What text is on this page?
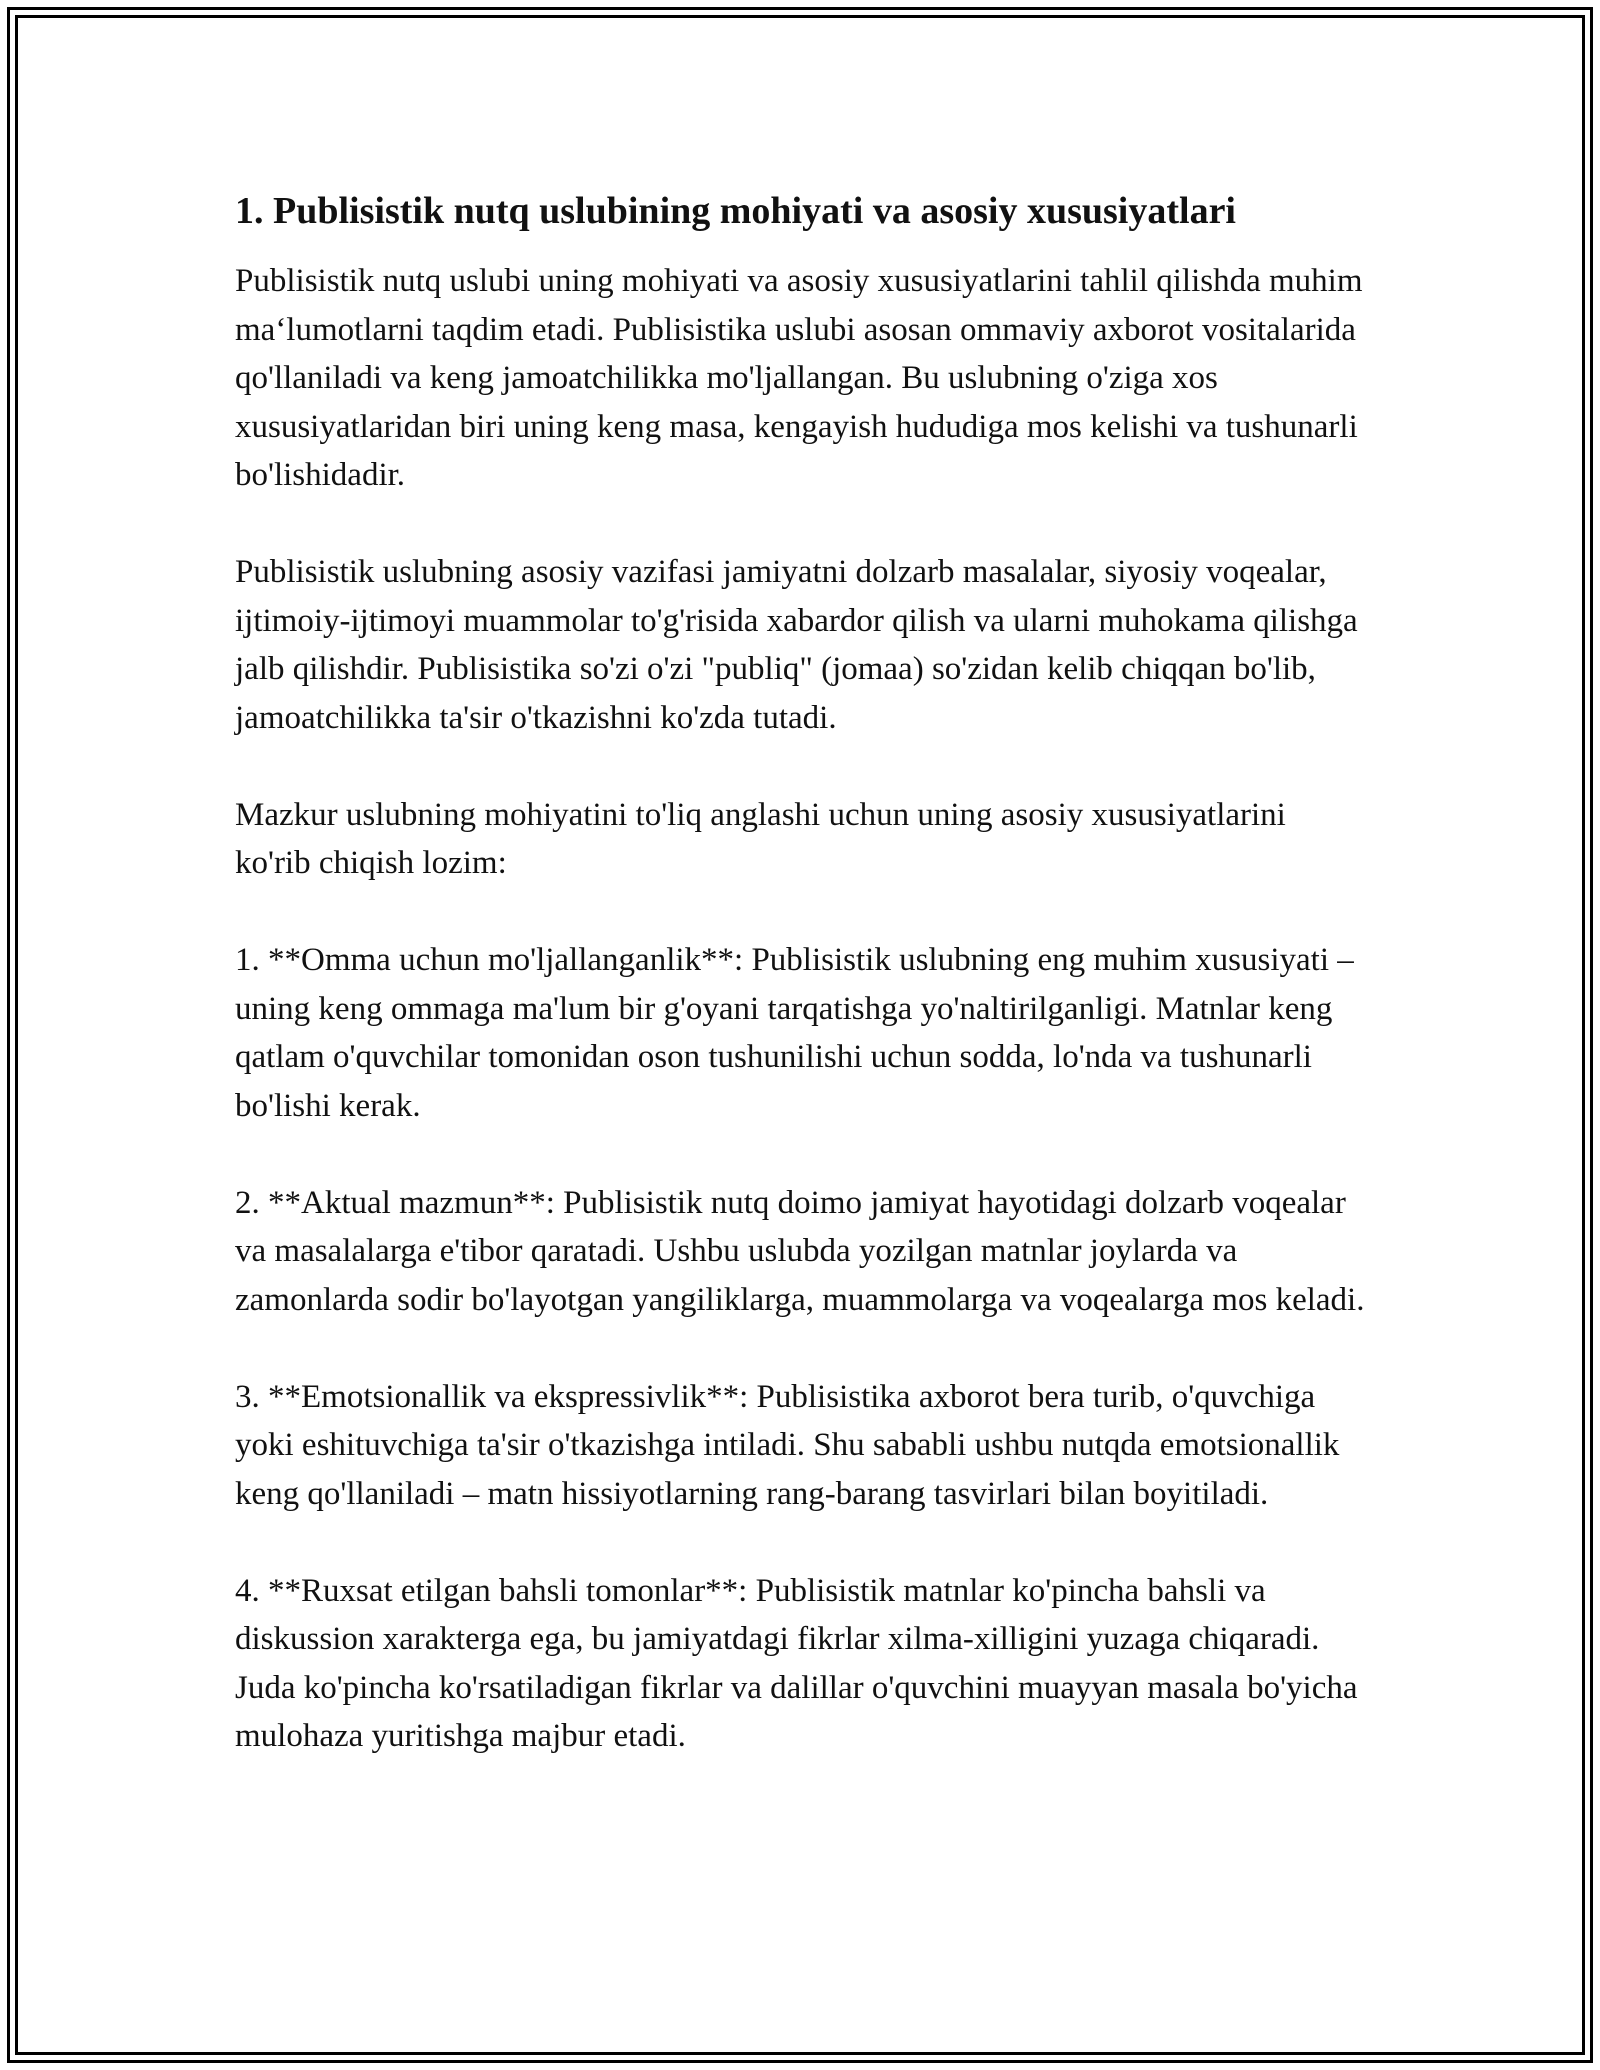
1. Publisistik nutq uslubining mohiyati va asosiy xususiyatlari

Publisistik nutq uslubi uning mohiyati va asosiy xususiyatlarini tahlil qilishda muhim ma‘lumotlarni taqdim etadi. Publisistika uslubi asosan ommaviy axborot vositalarida qo'llaniladi va keng jamoatchilikka mo'ljallangan. Bu uslubning o'ziga xos xususiyatlaridan biri uning keng masa, kengayish hududiga mos kelishi va tushunarli bo'lishidadir.

Publisistik uslubning asosiy vazifasi jamiyatni dolzarb masalalar, siyosiy voqealar, ijtimoiy-ijtimoyi muammolar to'g'risida xabardor qilish va ularni muhokama qilishga jalb qilishdir. Publisistika so'zi o'zi "publiq" (jomaa) so'zidan kelib chiqqan bo'lib, jamoatchilikka ta'sir o'tkazishni ko'zda tutadi.

Mazkur uslubning mohiyatini to'liq anglashi uchun uning asosiy xususiyatlarini ko'rib chiqish lozim:

1. **Omma uchun mo'ljallanganlik**: Publisistik uslubning eng muhim xususiyati – uning keng ommaga ma'lum bir g'oyani tarqatishga yo'naltirilganligi. Matnlar keng qatlam o'quvchilar tomonidan oson tushunilishi uchun sodda, lo'nda va tushunarli bo'lishi kerak.

2. **Aktual mazmun**: Publisistik nutq doimo jamiyat hayotidagi dolzarb voqealar va masalalarga e'tibor qaratadi. Ushbu uslubda yozilgan matnlar joylarda va zamonlarda sodir bo'layotgan yangiliklarga, muammolarga va voqealarga mos keladi.

3. **Emotsionallik va ekspressivlik**: Publisistika axborot bera turib, o'quvchiga yoki eshituvchiga ta'sir o'tkazishga intiladi. Shu sababli ushbu nutqda emotsionallik keng qo'llaniladi – matn hissiyotlarning rang-barang tasvirlari bilan boyitiladi.

4. **Ruxsat etilgan bahsli tomonlar**: Publisistik matnlar ko'pincha bahsli va diskussion xarakterga ega, bu jamiyatdagi fikrlar xilma-xilligini yuzaga chiqaradi. Juda ko'pincha ko'rsatiladigan fikrlar va dalillar o'quvchini muayyan masala bo'yicha mulohaza yuritishga majbur etadi.
